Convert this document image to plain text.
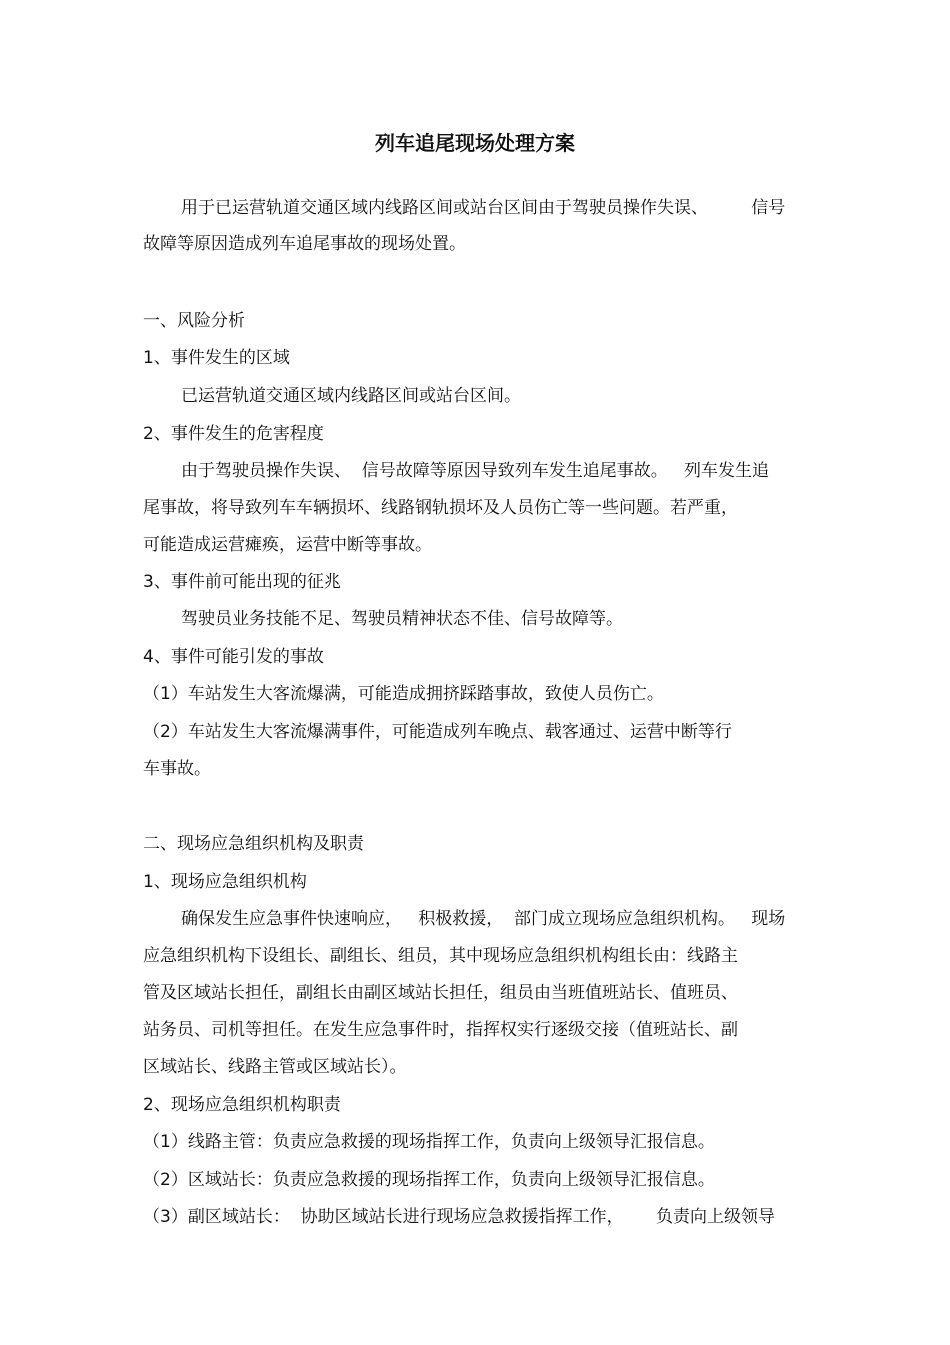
列车追尾现场处理方案

用于已运营轨道交通区域内线路区间或站台区间由于驾驶员操作失误、        信号

故障等原因造成列车追尾事故的现场处置。

一、风险分析

1、事件发生的区域

已运营轨道交通区域内线路区间或站台区间。

2、事件发生的危害程度

由于驾驶员操作失误、  信号故障等原因导致列车发生追尾事故。   列车发生追

尾事故，将导致列车车辆损坏、线路钢轨损坏及人员伤亡等一些问题。若严重，

可能造成运营瘫痪，运营中断等事故。

3、事件前可能出现的征兆

驾驶员业务技能不足、驾驶员精神状态不佳、信号故障等。

4、事件可能引发的事故

（1）车站发生大客流爆满，可能造成拥挤踩踏事故，致使人员伤亡。

（2）车站发生大客流爆满事件，可能造成列车晚点、载客通过、运营中断等行

车事故。

二、现场应急组织机构及职责

1、现场应急组织机构

确保发生应急事件快速响应，   积极救援，  部门成立现场应急组织机构。   现场

应急组织机构下设组长、副组长、组员，其中现场应急组织机构组长由：线路主

管及区域站长担任，副组长由副区域站长担任，组员由当班值班站长、值班员、

站务员、司机等担任。在发生应急事件时，指挥权实行逐级交接（值班站长、副

区域站长、线路主管或区域站长）。

2、现场应急组织机构职责

（1）线路主管：负责应急救援的现场指挥工作，负责向上级领导汇报信息。

（2）区域站长：负责应急救援的现场指挥工作，负责向上级领导汇报信息。

（3）副区域站长：  协助区域站长进行现场应急救援指挥工作，      负责向上级领导
